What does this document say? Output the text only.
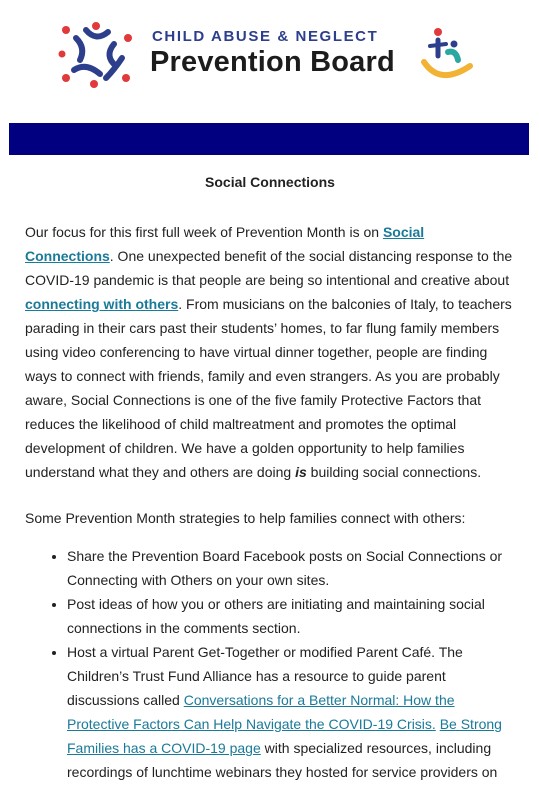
CHILD ABUSE & NEGLECT
Prevention Board
Social Connections

Our focus for this first full week of Prevention Month is on Social Connections. One unexpected benefit of the social distancing response to the COVID-19 pandemic is that people are being so intentional and creative about connecting with others. From musicians on the balconies of Italy, to teachers parading in their cars past their students’ homes, to far flung family members using video conferencing to have virtual dinner together, people are finding ways to connect with friends, family and even strangers. As you are probably aware, Social Connections is one of the five family Protective Factors that reduces the likelihood of child maltreatment and promotes the optimal development of children. We have a golden opportunity to help families understand what they and others are doing is building social connections.

Some Prevention Month strategies to help families connect with others:

• Share the Prevention Board Facebook posts on Social Connections or Connecting with Others on your own sites.
• Post ideas of how you or others are initiating and maintaining social connections in the comments section.
• Host a virtual Parent Get-Together or modified Parent Café. The Children’s Trust Fund Alliance has a resource to guide parent discussions called Conversations for a Better Normal: How the Protective Factors Can Help Navigate the COVID-19 Crisis. Be Strong Families has a COVID-19 page with specialized resources, including recordings of lunchtime webinars they hosted for service providers on
